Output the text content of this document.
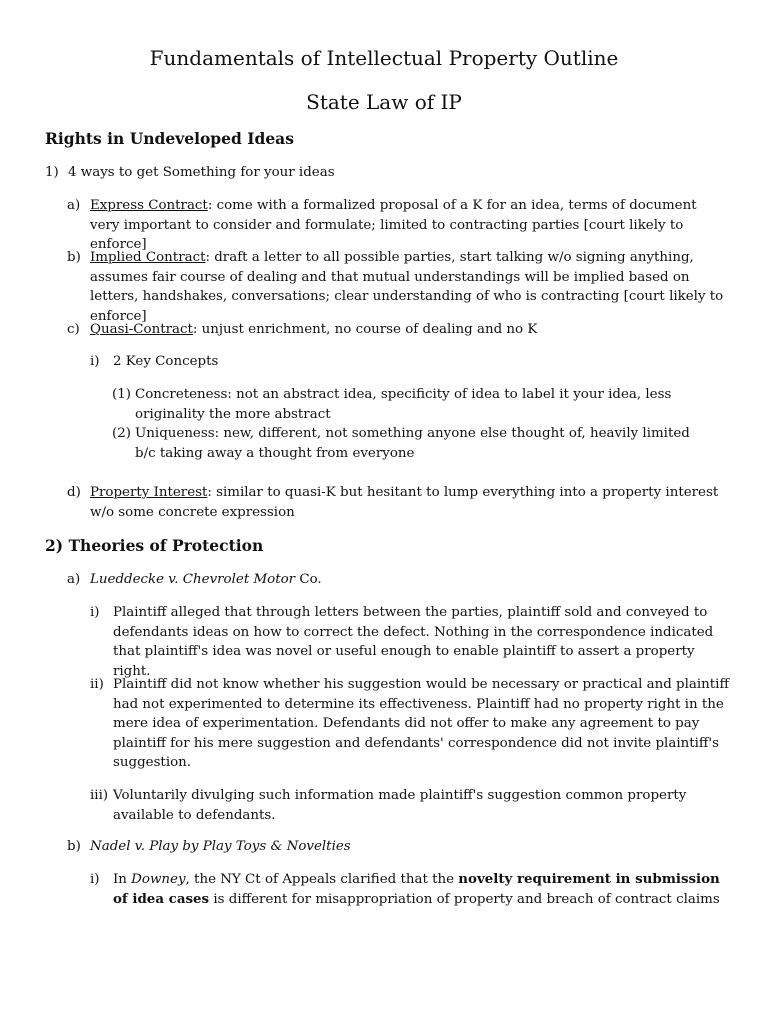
Fundamentals of Intellectual Property Outline
State Law of IP
Rights in Undeveloped Ideas
1) 4 ways to get Something for your ideas
a) Express Contract: come with a formalized proposal of a K for an idea, terms of document very important to consider and formulate; limited to contracting parties [court likely to enforce]
b) Implied Contract: draft a letter to all possible parties, start talking w/o signing anything, assumes fair course of dealing and that mutual understandings will be implied based on letters, handshakes, conversations; clear understanding of who is contracting [court likely to enforce]
c) Quasi-Contract: unjust enrichment, no course of dealing and no K
i)	2 Key Concepts
(1) Concreteness: not an abstract idea, specificity of idea to label it your idea, less originality the more abstract
(2) Uniqueness: new, different, not something anyone else thought of, heavily limited b/c taking away a thought from everyone
d) Property Interest: similar to quasi-K but hesitant to lump everything into a property interest w/o some concrete expression
2) Theories of Protection
a) Lueddecke v. Chevrolet Motor Co.
i)	Plaintiff alleged that through letters between the parties, plaintiff sold and conveyed to defendants ideas on how to correct the defect. Nothing in the correspondence indicated that plaintiff's idea was novel or useful enough to enable plaintiff to assert a property right.
ii) Plaintiff did not know whether his suggestion would be necessary or practical and plaintiff had not experimented to determine its effectiveness. Plaintiff had no property right in the mere idea of experimentation. Defendants did not offer to make any agreement to pay plaintiff for his mere suggestion and defendants' correspondence did not invite plaintiff's suggestion.
iii) Voluntarily divulging such information made plaintiff's suggestion common property available to defendants.
b) Nadel v. Play by Play Toys & Novelties
i)	In Downey, the NY Ct of Appeals clarified that the novelty requirement in submission of idea cases is different for misappropriation of property and breach of contract claims
